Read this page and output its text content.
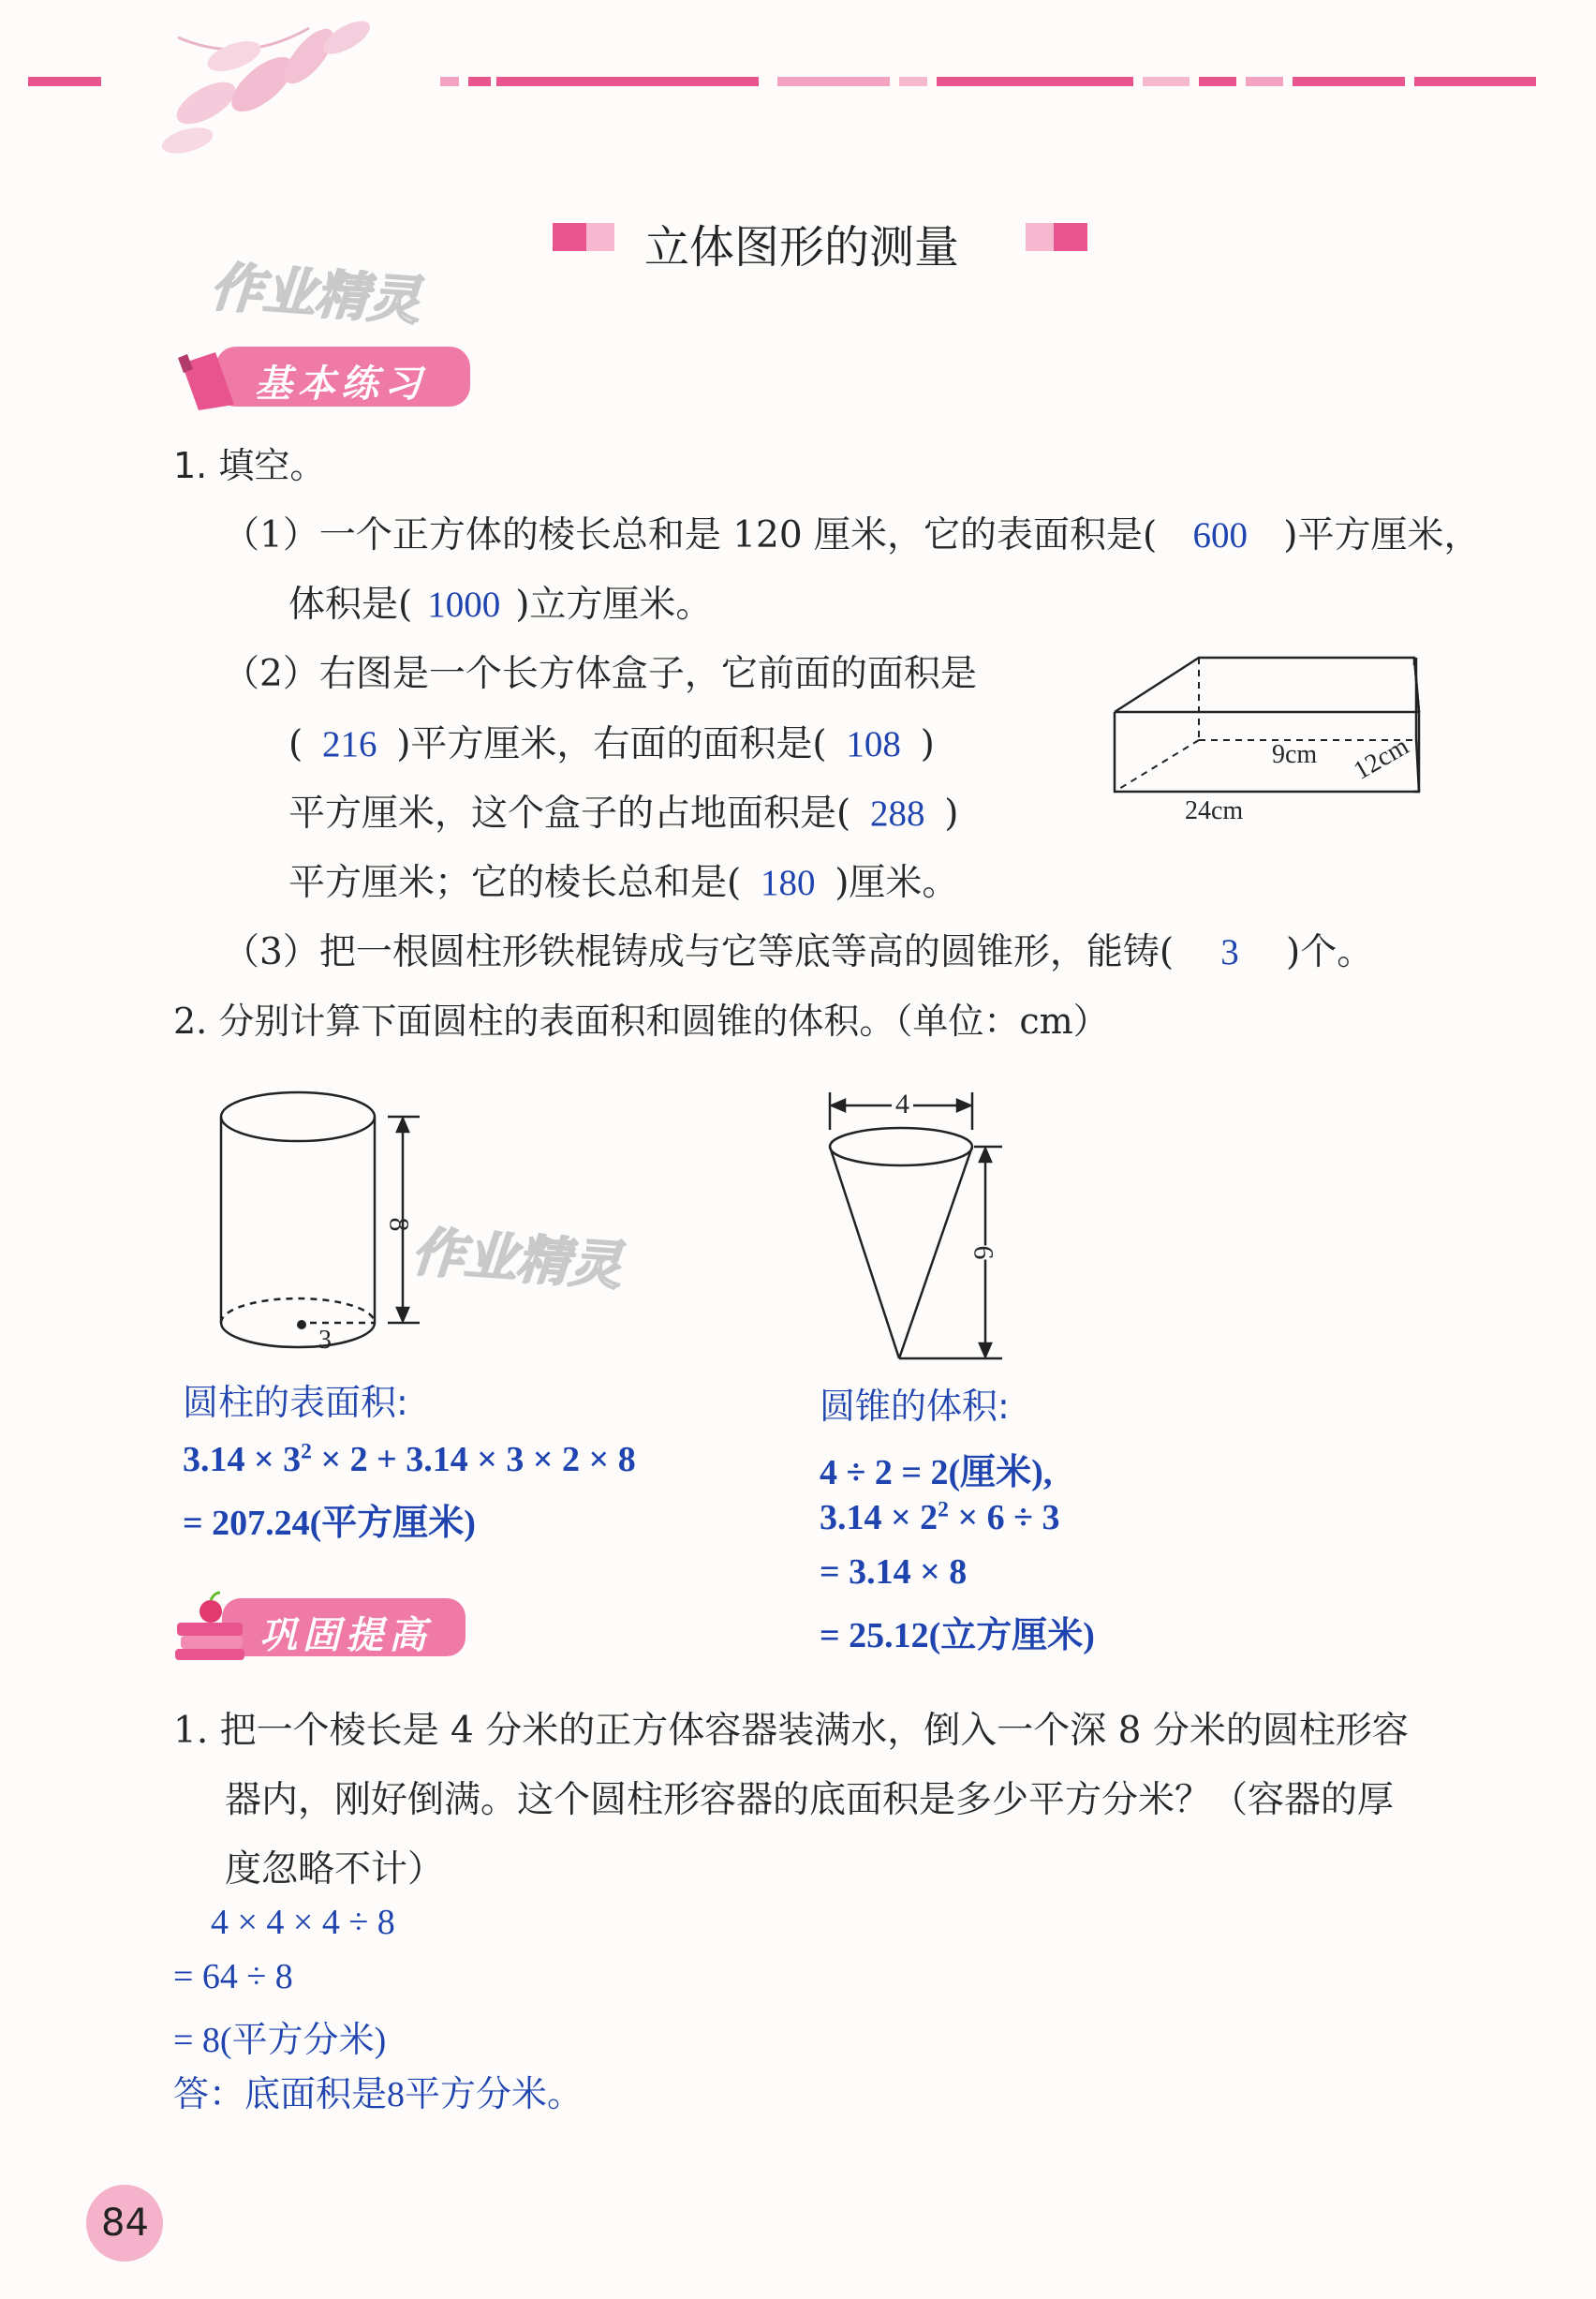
立体图形的测量
作业精灵
基本练习
1. 填空。
（1）一个正方体的棱长总和是 120 厘米，它的表面积是( 600 )平方厘米，
体积是( 1000 )立方厘米。
（2）右图是一个长方体盒子，它前面的面积是
( 216 )平方厘米，右面的面积是( 108 )
平方厘米，这个盒子的占地面积是( 288 )
平方厘米；它的棱长总和是( 180 )厘米。
24cm
9cm 12cm
（3）把一根圆柱形铁棍铸成与它等底等高的圆锥形，能铸( 3 )个。
2. 分别计算下面圆柱的表面积和圆锥的体积。（单位：cm）
8
3
作业精灵
4
6
圆柱的表面积:
$3.14 \times 3^2 \times 2 + 3.14 \times 3 \times 2 \times 8$
= 207.24(平方厘米)
圆锥的体积:
4 ÷ 2 = 2(厘米),
$3.14 \times 2^2 \times 6 \div 3$
= 3.14 × 8
= 25.12(立方厘米)
巩固提高
1. 把一个棱长是 4 分米的正方体容器装满水，倒入一个深 8 分米的圆柱形容
器内，刚好倒满。这个圆柱形容器的底面积是多少平方分米？（容器的厚
度忽略不计）
4 × 4 × 4 ÷ 8
= 64 ÷ 8
= 8(平方分米)
答：底面积是8平方分米。
84
